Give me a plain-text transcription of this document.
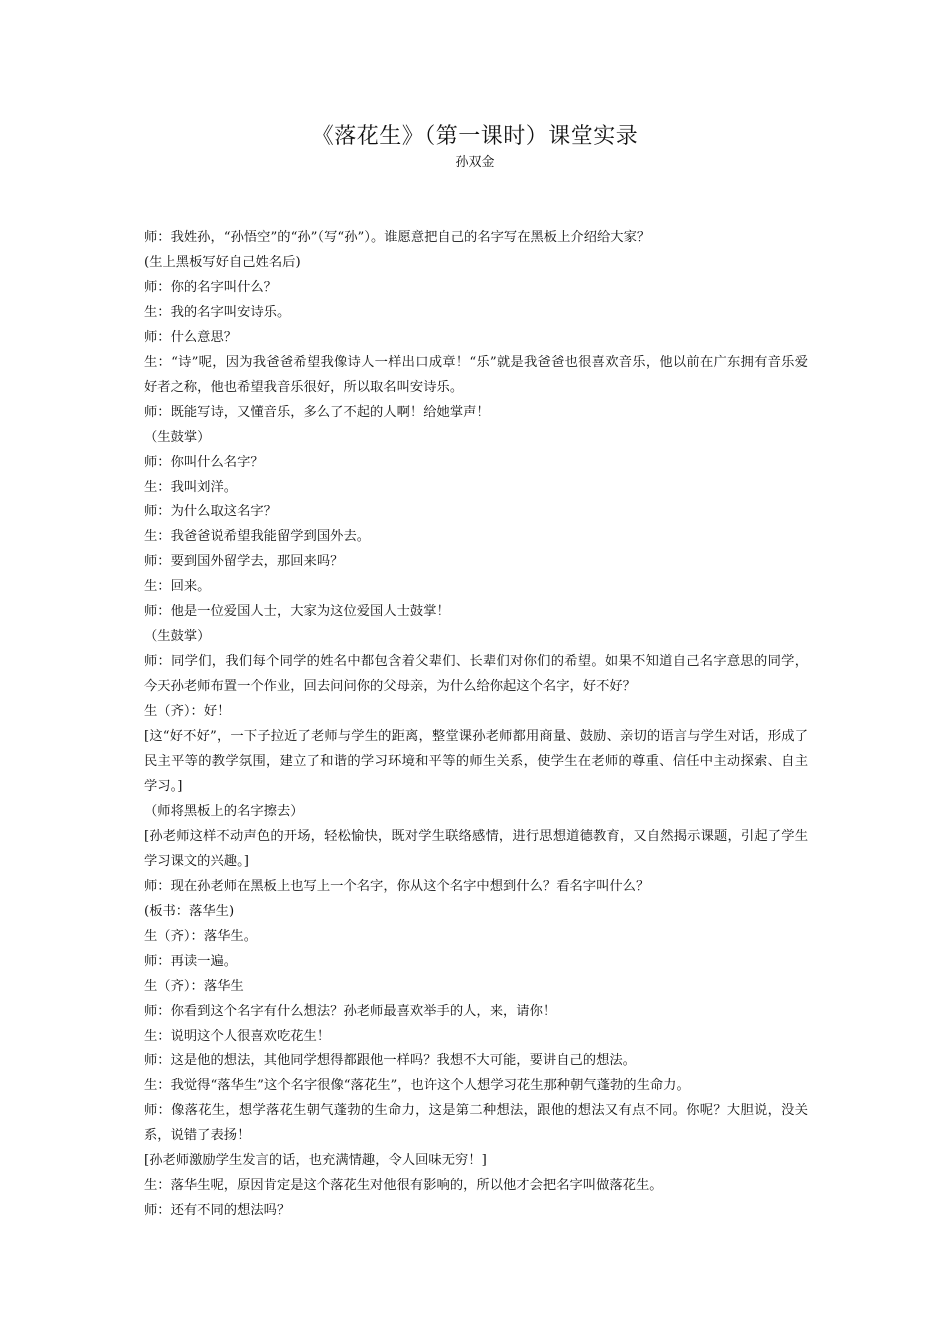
《落花生》（第一课时）课堂实录
孙双金

师：我姓孙，“孙悟空”的“孙”（写“孙”）。谁愿意把自己的名字写在黑板上介绍给大家？

(生上黑板写好自己姓名后)

师：你的名字叫什么？

生：我的名字叫安诗乐。

师：什么意思？

生：“诗”呢，因为我爸爸希望我像诗人一样出口成章！“乐”就是我爸爸也很喜欢音乐，他以前在广东拥有音乐爱好者之称，他也希望我音乐很好，所以取名叫安诗乐。

师：既能写诗，又懂音乐，多么了不起的人啊！给她掌声！

（生鼓掌）

师：你叫什么名字？

生：我叫刘洋。

师：为什么取这名字？

生：我爸爸说希望我能留学到国外去。

师：要到国外留学去，那回来吗？

生：回来。

师：他是一位爱国人士，大家为这位爱国人士鼓掌！

（生鼓掌）

师：同学们，我们每个同学的姓名中都包含着父辈们、长辈们对你们的希望。如果不知道自己名字意思的同学，今天孙老师布置一个作业，回去问问你的父母亲，为什么给你起这个名字，好不好？

生（齐）：好！

[这“好不好”，一下子拉近了老师与学生的距离，整堂课孙老师都用商量、鼓励、亲切的语言与学生对话，形成了民主平等的教学氛围，建立了和谐的学习环境和平等的师生关系，使学生在老师的尊重、信任中主动探索、自主学习。]

（师将黑板上的名字擦去）

[孙老师这样不动声色的开场，轻松愉快，既对学生联络感情，进行思想道德教育，又自然揭示课题，引起了学生学习课文的兴趣。]

师：现在孙老师在黑板上也写上一个名字，你从这个名字中想到什么？看名字叫什么？

(板书：落华生)

生（齐）：落华生。

师：再读一遍。

生（齐）：落华生

师：你看到这个名字有什么想法？孙老师最喜欢举手的人，来，请你！

生：说明这个人很喜欢吃花生！

师：这是他的想法，其他同学想得都跟他一样吗？我想不大可能，要讲自己的想法。

生：我觉得“落华生”这个名字很像“落花生”，也许这个人想学习花生那种朝气蓬勃的生命力。

师：像落花生，想学落花生朝气蓬勃的生命力，这是第二种想法，跟他的想法又有点不同。你呢？大胆说，没关系，说错了表扬！

[孙老师激励学生发言的话，也充满情趣，令人回味无穷！]

生：落华生呢，原因肯定是这个落花生对他很有影响的，所以他才会把名字叫做落花生。

师：还有不同的想法吗？
